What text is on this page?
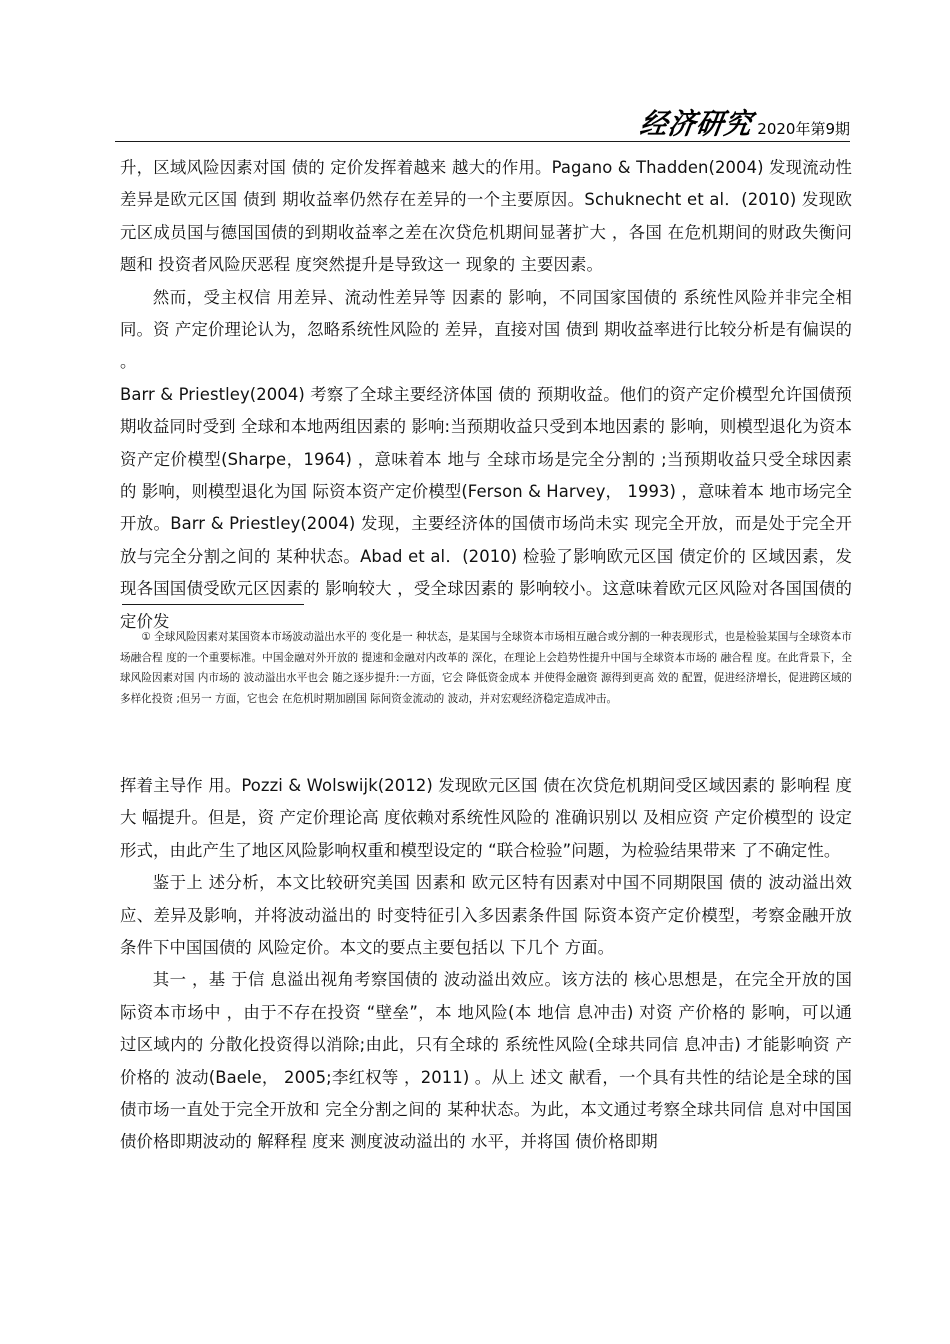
经济研究 2020年第9期

升，区域风险因素对国 债的 定价发挥着越来 越大的作用。Pagano & Thadden(2004) 发现流动性差异是欧元区国 债到 期收益率仍然存在差异的一个主要原因。Schuknecht et al．(2010) 发现欧元区成员国与德国国债的到期收益率之差在次贷危机期间显著扩大 ，各国 在危机期间的财政失衡问题和 投资者风险厌恶程 度突然提升是导致这一 现象的 主要因素。

然而，受主权信 用差异、流动性差异等 因素的 影响，不同国家国债的 系统性风险并非完全相同。资 产定价理论认为，忽略系统性风险的 差异，直接对国 债到 期收益率进行比较分析是有偏误的 。

Barr & Priestley(2004) 考察了全球主要经济体国 债的 预期收益。他们的资产定价模型允许国债预期收益同时受到 全球和本地两组因素的 影响:当预期收益只受到本地因素的 影响，则模型退化为资本资产定价模型(Sharpe，1964) ，意味着本 地与 全球市场是完全分割的 ;当预期收益只受全球因素的 影响，则模型退化为国 际资本资产定价模型(Ferson & Harvey， 1993) ，意味着本 地市场完全开放。Barr & Priestley(2004) 发现，主要经济体的国债市场尚未实 现完全开放，而是处于完全开放与完全分割之间的 某种状态。Abad et al．(2010) 检验了影响欧元区国 债定价的 区域因素，发现各国国债受欧元区因素的 影响较大 ，受全球因素的 影响较小。这意味着欧元区风险对各国国债的 定价发

① 全球风险因素对某国资本市场波动溢出水平的 变化是一 种状态，是某国与全球资本市场相互融合或分割的一种表现形式，也是检验某国与全球资本市场融合程 度的一个重要标准。中国金融对外开放的 提速和金融对内改革的 深化，在理论上会趋势性提升中国与全球资本市场的 融合程 度。在此背景下，全球风险因素对国 内市场的 波动溢出水平也会 随之逐步提升:一方面，它会 降低资金成本 并使得金融资 源得到更高 效的 配置，促进经济增长，促进跨区域的 多样化投资 ;但另一 方面，它也会 在危机时期加剧国 际间资金流动的 波动，并对宏观经济稳定造成冲击。

挥着主导作 用。Pozzi & Wolswijk(2012) 发现欧元区国 债在次贷危机期间受区域因素的 影响程 度大 幅提升。但是，资 产定价理论高 度依赖对系统性风险的 准确识别以 及相应资 产定价模型的 设定形式，由此产生了地区风险影响权重和模型设定的 “联合检验”问题，为检验结果带来 了不确定性。

鉴于上 述分析，本文比较研究美国 因素和 欧元区特有因素对中国不同期限国 债的 波动溢出效应、差异及影响，并将波动溢出的 时变特征引入多因素条件国 际资本资产定价模型，考察金融开放条件下中国国债的 风险定价。本文的要点主要包括以 下几个 方面。

其一 ，基 于信 息溢出视角考察国债的 波动溢出效应。该方法的 核心思想是，在完全开放的国际资本市场中 ，由于不存在投资 “壁垒”，本 地风险(本 地信 息冲击) 对资 产价格的 影响，可以通过区域内的 分散化投资得以消除;由此，只有全球的 系统性风险(全球共同信 息冲击) 才能影响资 产价格的 波动(Baele， 2005;李红权等 ，2011) 。从上 述文 献看，一个具有共性的结论是全球的国债市场一直处于完全开放和 完全分割之间的 某种状态。为此，本文通过考察全球共同信 息对中国国债价格即期波动的 解释程 度来 测度波动溢出的 水平，并将国 债价格即期
